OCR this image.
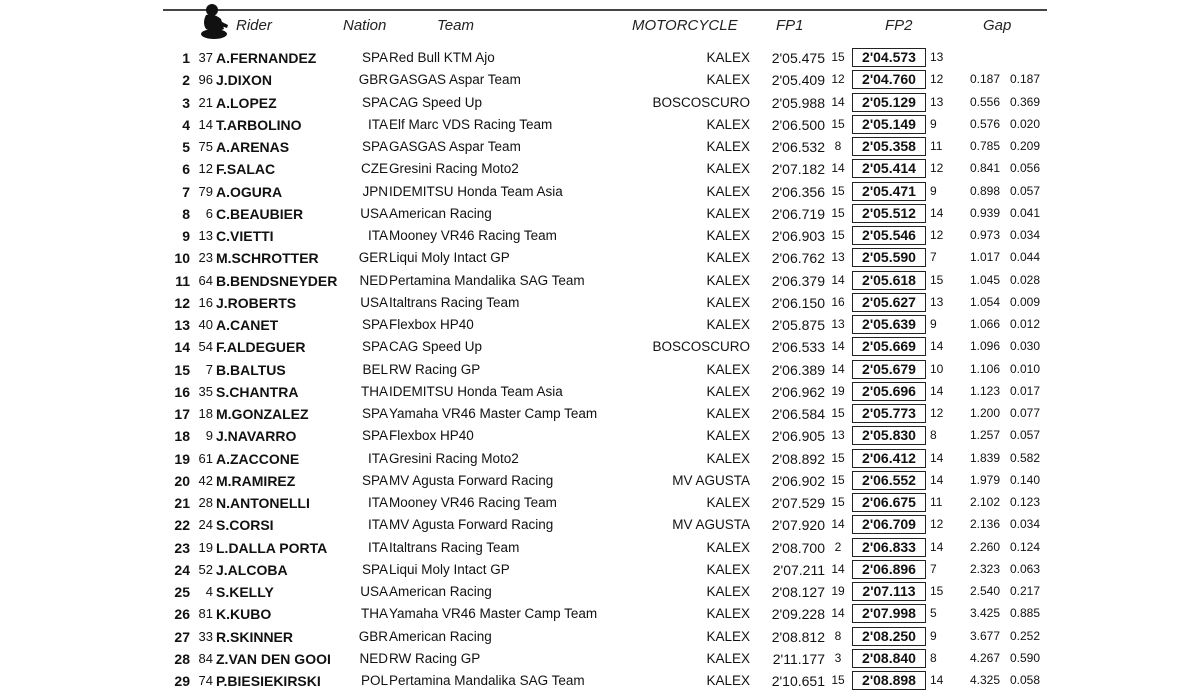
Rider	Nation	Team	MOTORCYCLE	FP1	FP2	Gap
1 37 A.FERNANDEZ	SPA Red Bull KTM Ajo	KALEX	2'05.475 15	2'04.573	13
2 96 J.DIXON	GBR GASGAS Aspar Team	KALEX	2'05.409 12	2'04.760	12	0.187 0.187
3 21 A.LOPEZ	SPA CAG Speed Up	BOSCOSCURO	2'05.988 14	2'05.129	13	0.556 0.369
4 14 T.ARBOLINO	ITA Elf Marc VDS Racing Team	KALEX	2'06.500 15	2'05.149	9	0.576 0.020
5 75 A.ARENAS	SPA GASGAS Aspar Team	KALEX	2'06.532 8	2'05.358	11	0.785 0.209
6 12 F.SALAC	CZE Gresini Racing Moto2	KALEX	2'07.182 14	2'05.414	12	0.841 0.056
7 79 A.OGURA	JPN IDEMITSU Honda Team Asia	KALEX	2'06.356 15	2'05.471	9	0.898 0.057
8	6 C.BEAUBIER	USA American Racing	KALEX	2'06.719 15	2'05.512	14	0.939 0.041
9 13 C.VIETTI	ITA Mooney VR46 Racing Team	KALEX	2'06.903 15	2'05.546	12	0.973 0.034
10 23 M.SCHROTTER	GER Liqui Moly Intact GP	KALEX	2'06.762 13	2'05.590	7	1.017 0.044
11 64 B.BENDSNEYDER	NED Pertamina Mandalika SAG Team	KALEX	2'06.379 14	2'05.618	15	1.045 0.028
12 16 J.ROBERTS	USA Italtrans Racing Team	KALEX	2'06.150 16	2'05.627	13	1.054 0.009
13 40 A.CANET	SPA Flexbox HP40	KALEX	2'05.875 13	2'05.639	9	1.066 0.012
14 54 F.ALDEGUER	SPA CAG Speed Up	BOSCOSCURO	2'06.533 14	2'05.669	14	1.096 0.030
15	7 B.BALTUS	BEL RW Racing GP	KALEX	2'06.389 14	2'05.679	10	1.106 0.010
16 35 S.CHANTRA	THA IDEMITSU Honda Team Asia	KALEX	2'06.962 19	2'05.696	14	1.123 0.017
17 18 M.GONZALEZ	SPA Yamaha VR46 Master Camp Team	KALEX	2'06.584 15	2'05.773	12	1.200 0.077
18	9 J.NAVARRO	SPA Flexbox HP40	KALEX	2'06.905 13	2'05.830	8	1.257 0.057
19 61 A.ZACCONE	ITA Gresini Racing Moto2	KALEX	2'08.892 15	2'06.412	14	1.839 0.582
20 42 M.RAMIREZ	SPA MV Agusta Forward Racing	MV AGUSTA	2'06.902 15	2'06.552	14	1.979 0.140
21 28 N.ANTONELLI	ITA Mooney VR46 Racing Team	KALEX	2'07.529 15	2'06.675	11	2.102 0.123
22 24 S.CORSI	ITA MV Agusta Forward Racing	MV AGUSTA	2'07.920 14	2'06.709	12	2.136 0.034
23 19 L.DALLA PORTA	ITA Italtrans Racing Team	KALEX	2'08.700 2	2'06.833	14	2.260 0.124
24 52 J.ALCOBA	SPA Liqui Moly Intact GP	KALEX	2'07.211 14	2'06.896	7	2.323 0.063
25	4 S.KELLY	USA American Racing	KALEX	2'08.127 19	2'07.113	15	2.540 0.217
26 81 K.KUBO	THA Yamaha VR46 Master Camp Team	KALEX	2'09.228 14	2'07.998	5	3.425 0.885
27 33 R.SKINNER	GBR American Racing	KALEX	2'08.812 8	2'08.250	9	3.677 0.252
28 84 Z.VAN DEN GOOI	NED RW Racing GP	KALEX	2'11.177 3	2'08.840	8	4.267 0.590
29 74 P.BIESIEKIRSKI	POL Pertamina Mandalika SAG Team	KALEX	2'10.651 15	2'08.898	14	4.325 0.058
